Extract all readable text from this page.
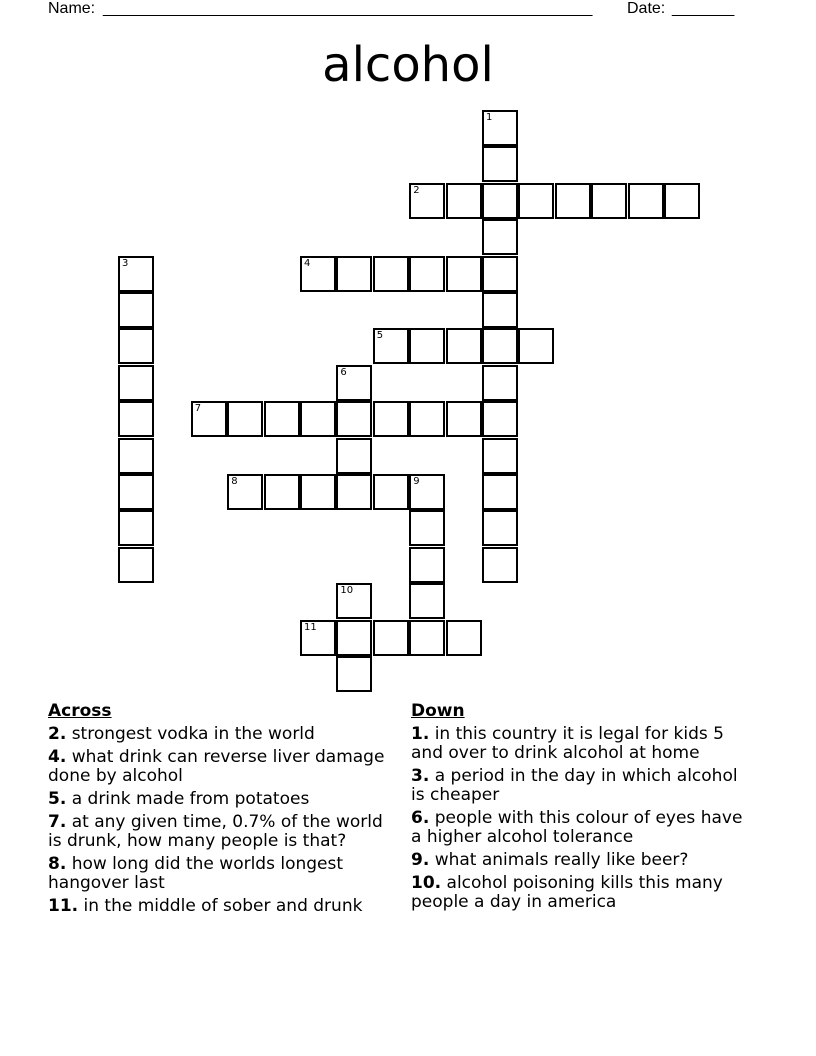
Name: _______________________________________________________ Date: _______
alcohol
1
2
3	4
5
6
7
8	9
10
11
Across
2. strongest vodka in the world
4. what drink can reverse liver damage done by alcohol
5. a drink made from potatoes
7. at any given time, 0.7% of the world is drunk, how many people is that?
8. how long did the worlds longest hangover last
11. in the middle of sober and drunk
Down
1. in this country it is legal for kids 5 and over to drink alcohol at home
3. a period in the day in which alcohol is cheaper
6. people with this colour of eyes have a higher alcohol tolerance
9. what animals really like beer?
10. alcohol poisoning kills this many people a day in america
